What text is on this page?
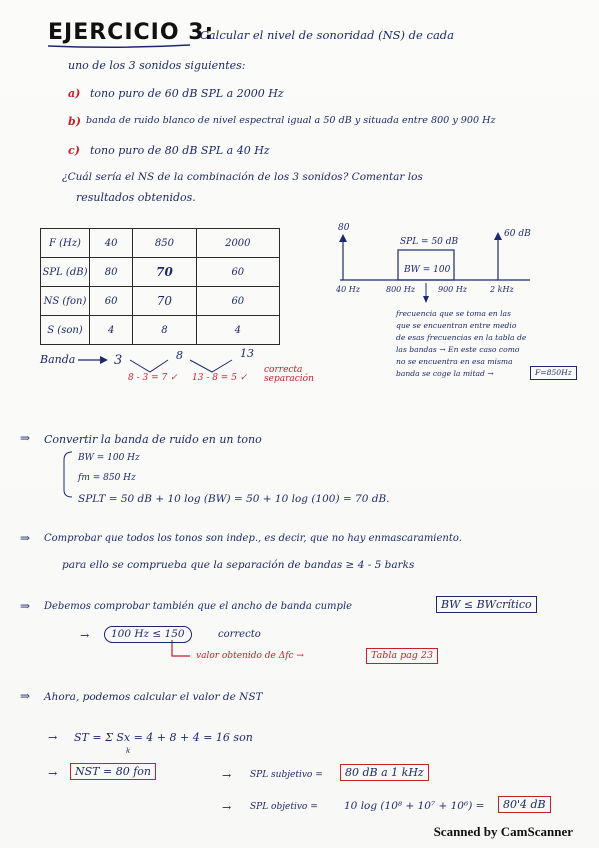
EJERCICIO 3:
Calcular el nivel de sonoridad (NS) de cada
uno de los 3 sonidos siguientes:
a) tono puro de 60 dB SPL a 2000 Hz
b) banda de ruido blanco de nivel espectral igual a 50 dB y situada entre 800 y 900 Hz
c) tono puro de 80 dB SPL a 40 Hz
¿Cuál sería el NS de la combinación de los 3 sonidos? Comentar los
resultados obtenidos.
F (Hz)	40	850	2000
SPL (dB)	80	70	60
NS (fon)	60	70	60
S (son)	4	8	4
Banda	3	8	13
8 - 3 = 7 ✓ 13 - 8 = 5 ✓
correcta separación
80
60 dB
SPL = 50 dB
BW = 100
40 Hz	800 Hz	900 Hz	2 kHz
frecuencia que se toma en las
que se encuentran entre medio
de esas frecuencias en la tabla de
las bandas → En este caso como
no se encuentra en esa misma
banda se coge la mitad →	F=850Hz
⇒ Convertir la banda de ruido en un tono
BW = 100 Hz
fm = 850 Hz
SPLT = 50 dB + 10 log (BW) = 50 + 10 log (100) = 70 dB.
⇒ Comprobar que todos los tonos son indep., es decir, que no hay enmascaramiento.
para ello se comprueba que la separación de bandas ≥ 4 - 5 barks
⇒ Debemos comprobar también que el ancho de banda cumple	BW ≤ BWcrítico
→	100 Hz ≤ 150	correcto
valor obtenido de Δfc →	Tabla pag 23
⇒ Ahora, podemos calcular el valor de NST
→ ST = Σ Sx = 4 + 8 + 4 = 16 son
k
→	NST = 80 fon	→ SPL subjetivo =	80 dB a 1 kHz
→ SPL objetivo = 10 log (10⁸ + 10⁷ + 10⁶) =	80'4 dB
Scanned by CamScanner
